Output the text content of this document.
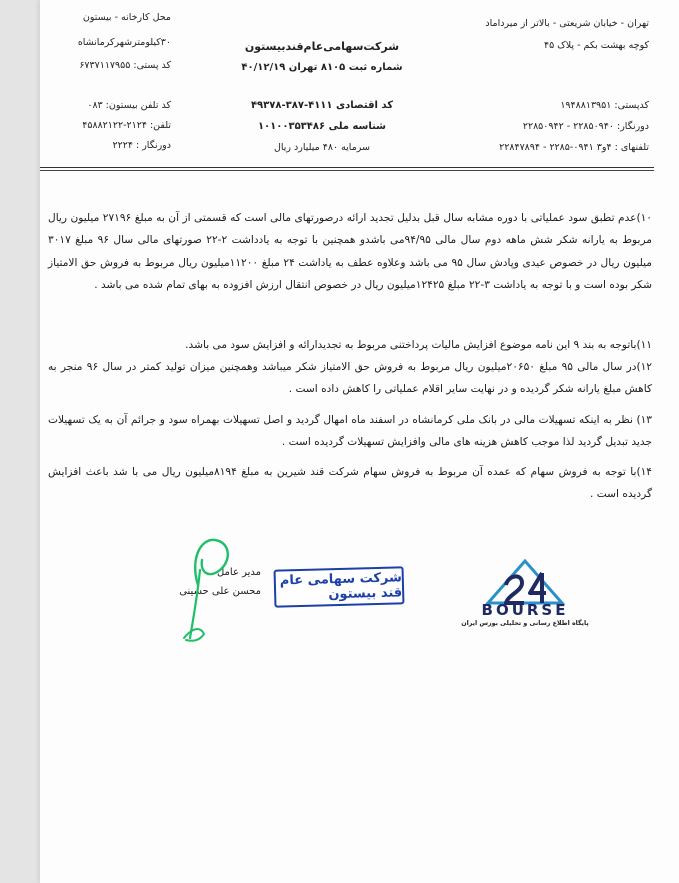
تهران - خیابان شریعتی - بالاتر از میرداماد
کوچه بهشت بکم - پلاک ۴۵
کدپستی: ۱۹۴۸۸۱۳۹۵۱
دورنگار: ۲۲۸۵۰۹۴۰ - ۲۲۸۵۰۹۴۲
تلفنهای : ۴و۳ ۰۹۴۱-۲۲۸۵ - ۲۲۸۴۷۸۹۴
شرکت‌سهامی‌عام‌قندبیستون
شماره ثبت ۸۱۰۵ تهران ۴۰/۱۲/۱۹
کد اقتصادی ۴۱۱۱-۳۸۷-۴۹۳۷۸
شناسه ملی ۱۰۱۰۰۳۵۳۴۸۶
سرمایه ۴۸۰ میلیارد ریال
محل کارخانه - بیستون
۳۰کیلومترشهرکرمانشاه
کد پستی: ۶۷۳۷۱۱۷۹۵۵
کد تلفن بیستون: ۰۸۳
تلفن: ۲۱۲۴-۴۵۸۸۲۱۲۲
دورنگار : ۲۲۲۴
۱۰)عدم تطبق سود عملیاتی با دوره مشابه سال قبل بدلیل تجدید ارائه درصورتهای مالی است که قسمتی از آن به مبلغ ۲۷۱۹۶ میلیون ریال مربوط به یارانه شکر شش ماهه دوم سال مالی ۹۴/۹۵می باشدو همچنین با توجه به یادداشت ۲-۲۲ صورتهای مالی سال ۹۶ مبلغ ۳۰۱۷ میلیون ریال در خصوص عیدی وپادش سال ۹۵ می باشد وعلاوه عطف به یاداشت ۲۴ مبلغ ۱۱۲۰۰میلیون ریال مربوط به فروش حق الامتیاز شکر بوده است و با توجه به یاداشت ۳-۲۲ مبلغ ۱۲۴۲۵میلیون ریال در خصوص انتقال ارزش افزوده به بهای تمام شده می باشد .
۱۱)باتوجه به بند ۹ این نامه موضوع افزایش مالیات پرداختنی مربوط به تجدیدارائه و افزایش سود می باشد.
۱۲)در سال مالی ۹۵ مبلغ ۲۰۶۵۰میلیون ریال مربوط به فروش حق الامتیاز شکر میباشد وهمچنین میزان تولید کمتر در سال ۹۶ منجر به کاهش مبلغ یارانه شکر گردیده و در نهایت سایر اقلام عملیاتی را کاهش داده است .
۱۳) نظر به اینکه تسهیلات مالی در بانک ملی کرمانشاه در اسفند ماه امهال گردید و اصل تسهیلات بهمراه سود و جرائم آن به یک تسهیلات جدید تبدیل گردید لذا موجب کاهش هزینه های مالی وافزایش تسهیلات گردیده است .
۱۴)با توجه به فروش سهام که عمده آن مربوط به فروش سهام شرکت قند شیرین به مبلغ ۸۱۹۴میلیون ریال می با شد باعث افزایش گردیده است .
مدیر عامل
محسن علی حسینی
شرکت سهامی عام قند بیستون
BOURSE
پایگاه اطلاع رسانی و تحلیلی بورس ایران
